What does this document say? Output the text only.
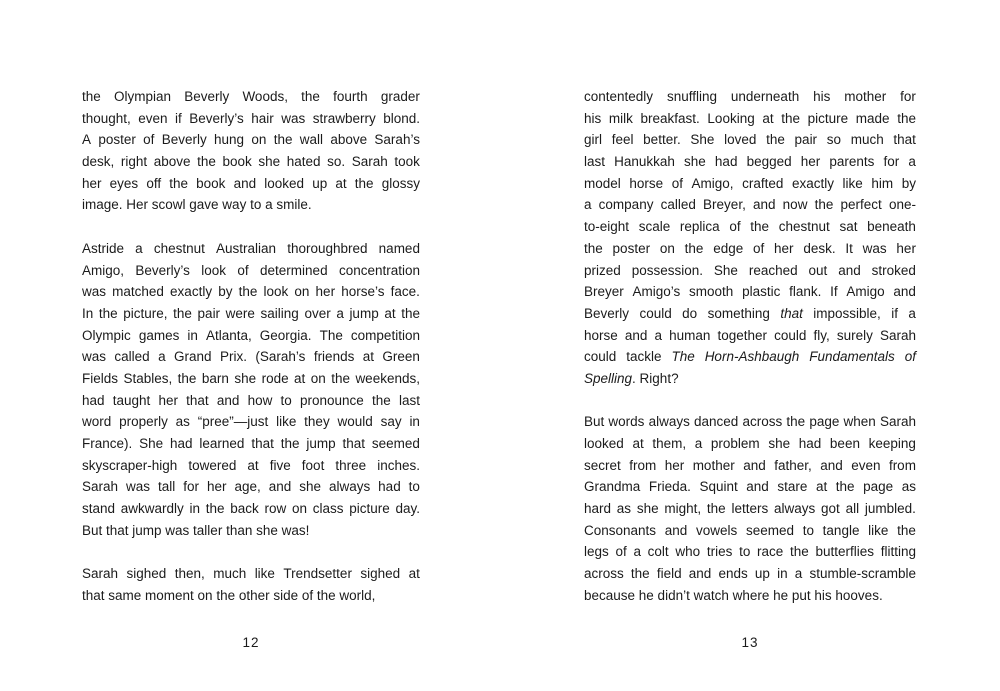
the Olympian Beverly Woods, the fourth grader
thought, even if Beverly’s hair was strawberry blond.
A poster of Beverly hung on the wall above Sarah’s
desk, right above the book she hated so. Sarah took
her eyes off the book and looked up at the glossy
image. Her scowl gave way to a smile.
Astride a chestnut Australian thoroughbred named
Amigo, Beverly’s look of determined concentration
was matched exactly by the look on her horse’s face.
In the picture, the pair were sailing over a jump at the
Olympic games in Atlanta, Georgia. The competition
was called a Grand Prix. (Sarah’s friends at Green
Fields Stables, the barn she rode at on the weekends,
had taught her that and how to pronounce the last
word properly as “pree”—just like they would say in
France). She had learned that the jump that seemed
skyscraper-high towered at five foot three inches.
Sarah was tall for her age, and she always had to
stand awkwardly in the back row on class picture day.
But that jump was taller than she was!
Sarah sighed then, much like Trendsetter sighed at
that same moment on the other side of the world,
contentedly snuffling underneath his mother for
his milk breakfast. Looking at the picture made the
girl feel better. She loved the pair so much that
last Hanukkah she had begged her parents for a
model horse of Amigo, crafted exactly like him by
a company called Breyer, and now the perfect one-
to-eight scale replica of the chestnut sat beneath
the poster on the edge of her desk. It was her
prized possession. She reached out and stroked
Breyer Amigo’s smooth plastic flank. If Amigo and
Beverly could do something that impossible, if a
horse and a human together could fly, surely Sarah
could tackle The Horn-Ashbaugh Fundamentals of
Spelling. Right?
But words always danced across the page when Sarah
looked at them, a problem she had been keeping
secret from her mother and father, and even from
Grandma Frieda. Squint and stare at the page as
hard as she might, the letters always got all jumbled.
Consonants and vowels seemed to tangle like the
legs of a colt who tries to race the butterflies flitting
across the field and ends up in a stumble-scramble
because he didn’t watch where he put his hooves.
12	13
